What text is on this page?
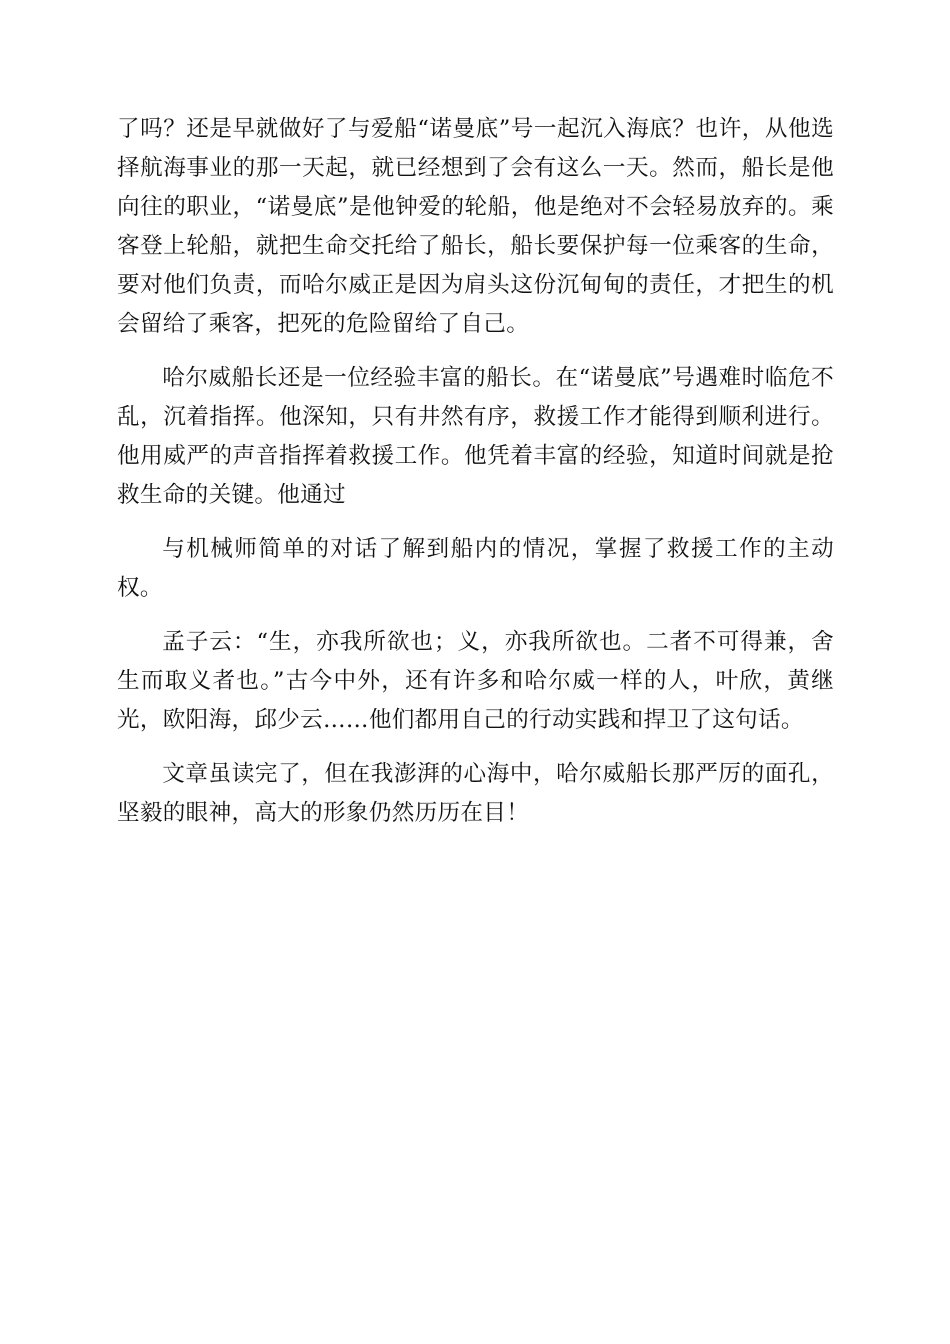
了吗？还是早就做好了与爱船“诺曼底”号一起沉入海底？也许，从他选择航海事业的那一天起，就已经想到了会有这么一天。然而，船长是他向往的职业，“诺曼底”是他钟爱的轮船，他是绝对不会轻易放弃的。乘客登上轮船，就把生命交托给了船长，船长要保护每一位乘客的生命，要对他们负责，而哈尔威正是因为肩头这份沉甸甸的责任，才把生的机会留给了乘客，把死的危险留给了自己。

哈尔威船长还是一位经验丰富的船长。在“诺曼底”号遇难时临危不乱，沉着指挥。他深知，只有井然有序，救援工作才能得到顺利进行。他用威严的声音指挥着救援工作。他凭着丰富的经验，知道时间就是抢救生命的关键。他通过

与机械师简单的对话了解到船内的情况，掌握了救援工作的主动权。

孟子云：“生，亦我所欲也；义，亦我所欲也。二者不可得兼，舍生而取义者也。”古今中外，还有许多和哈尔威一样的人，叶欣，黄继光，欧阳海，邱少云……他们都用自己的行动实践和捍卫了这句话。

文章虽读完了，但在我澎湃的心海中，哈尔威船长那严厉的面孔，坚毅的眼神，高大的形象仍然历历在目！
